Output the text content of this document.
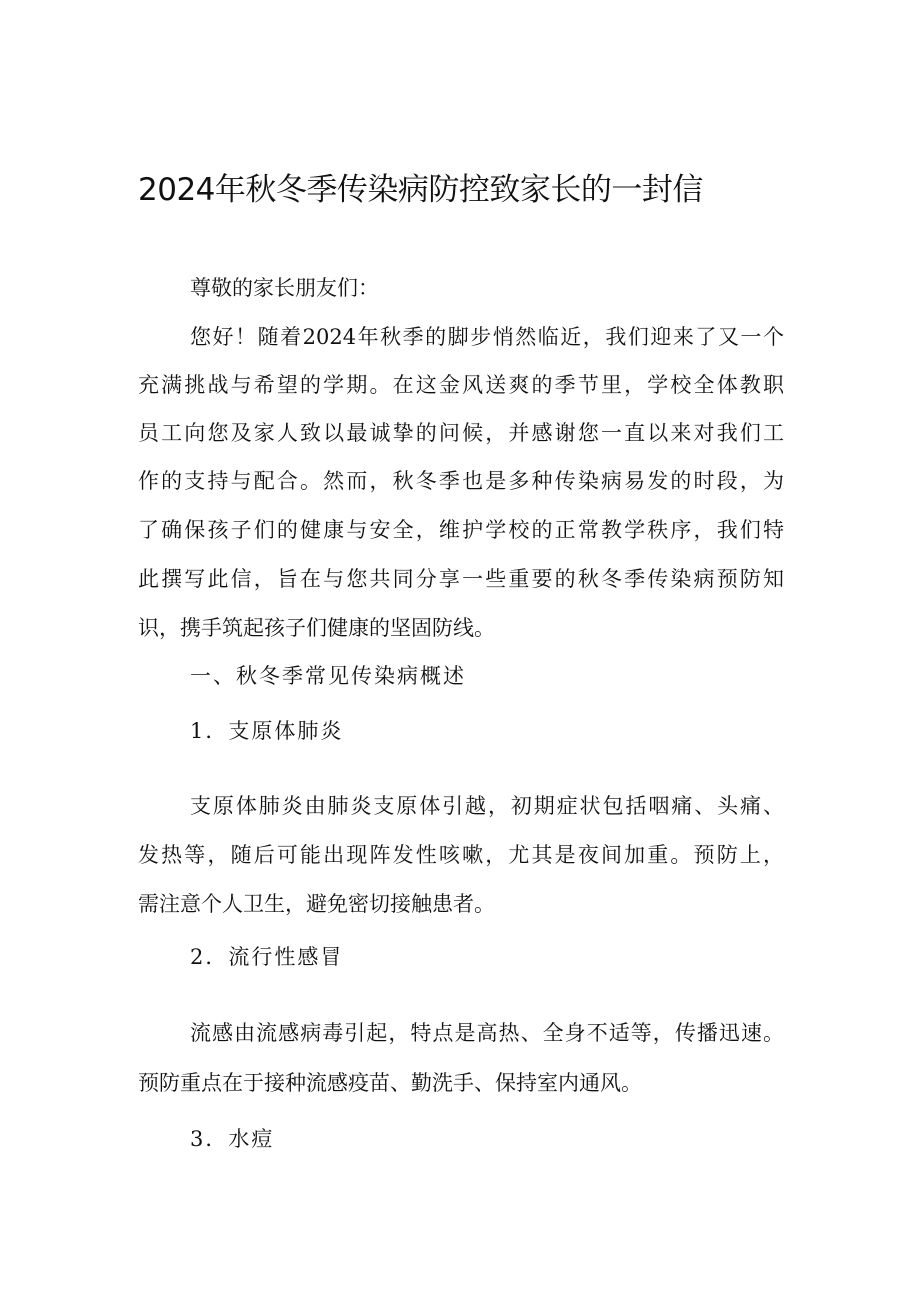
2024年秋冬季传染病防控致家长的一封信
尊敬的家长朋友们：
您好！随着2024年秋季的脚步悄然临近，我们迎来了又一个
充满挑战与希望的学期。在这金风送爽的季节里，学校全体教职
员工向您及家人致以最诚挚的问候，并感谢您一直以来对我们工
作的支持与配合。然而，秋冬季也是多种传染病易发的时段，为
了确保孩子们的健康与安全，维护学校的正常教学秩序，我们特
此撰写此信，旨在与您共同分享一些重要的秋冬季传染病预防知
识，携手筑起孩子们健康的坚固防线。
一、秋冬季常见传染病概述
1．支原体肺炎
支原体肺炎由肺炎支原体引越，初期症状包括咽痛、头痛、
发热等，随后可能出现阵发性咳嗽，尤其是夜间加重。预防上，
需注意个人卫生，避免密切接触患者。
2．流行性感冒
流感由流感病毒引起，特点是高热、全身不适等，传播迅速。
预防重点在于接种流感疫苗、勤洗手、保持室内通风。
3．水痘
